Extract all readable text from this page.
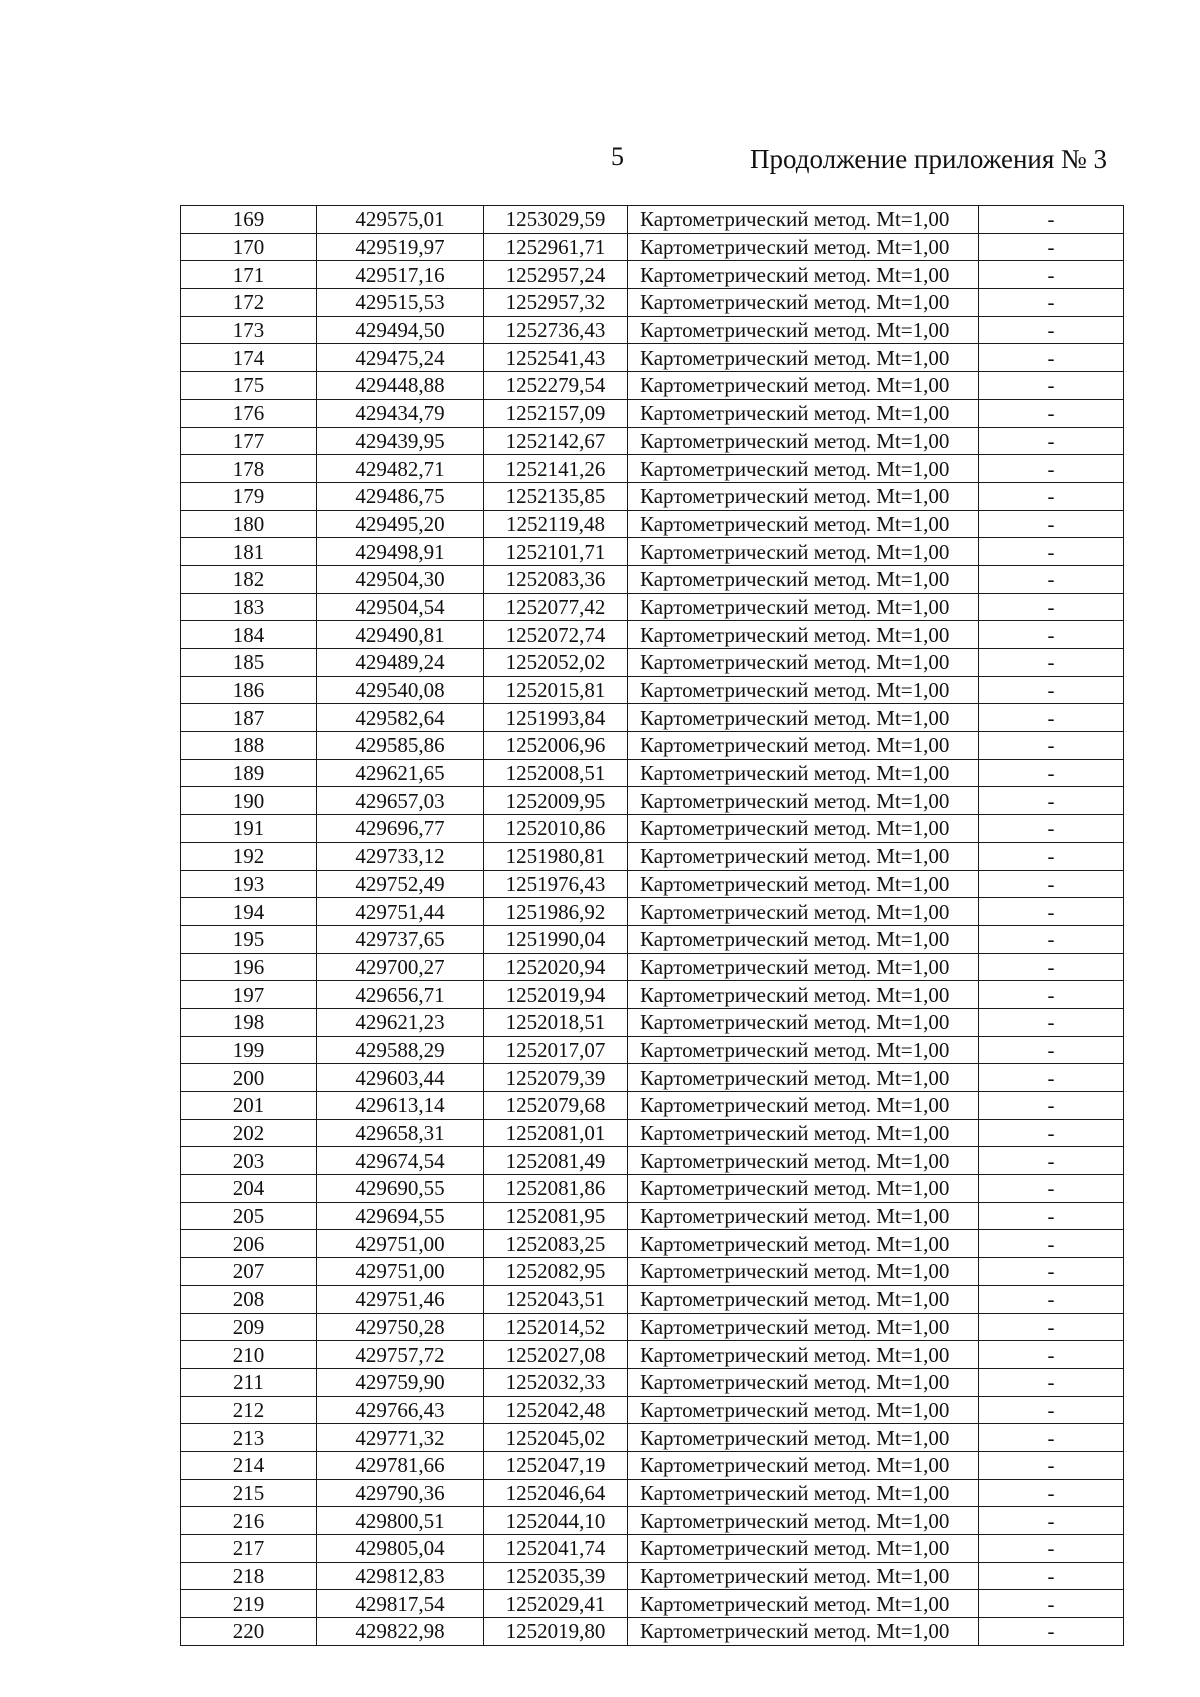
5	Продолжение приложения № 3
169	429575,01	1253029,59	Картометрический метод. Mt=1,00	-
170	429519,97	1252961,71	Картометрический метод. Mt=1,00	-
171	429517,16	1252957,24	Картометрический метод. Mt=1,00	-
172	429515,53	1252957,32	Картометрический метод. Mt=1,00	-
173	429494,50	1252736,43	Картометрический метод. Mt=1,00	-
174	429475,24	1252541,43	Картометрический метод. Mt=1,00	-
175	429448,88	1252279,54	Картометрический метод. Mt=1,00	-
176	429434,79	1252157,09	Картометрический метод. Mt=1,00	-
177	429439,95	1252142,67	Картометрический метод. Mt=1,00	-
178	429482,71	1252141,26	Картометрический метод. Mt=1,00	-
179	429486,75	1252135,85	Картометрический метод. Mt=1,00	-
180	429495,20	1252119,48	Картометрический метод. Mt=1,00	-
181	429498,91	1252101,71	Картометрический метод. Mt=1,00	-
182	429504,30	1252083,36	Картометрический метод. Mt=1,00	-
183	429504,54	1252077,42	Картометрический метод. Mt=1,00	-
184	429490,81	1252072,74	Картометрический метод. Mt=1,00	-
185	429489,24	1252052,02	Картометрический метод. Mt=1,00	-
186	429540,08	1252015,81	Картометрический метод. Mt=1,00	-
187	429582,64	1251993,84	Картометрический метод. Mt=1,00	-
188	429585,86	1252006,96	Картометрический метод. Mt=1,00	-
189	429621,65	1252008,51	Картометрический метод. Mt=1,00	-
190	429657,03	1252009,95	Картометрический метод. Mt=1,00	-
191	429696,77	1252010,86	Картометрический метод. Mt=1,00	-
192	429733,12	1251980,81	Картометрический метод. Mt=1,00	-
193	429752,49	1251976,43	Картометрический метод. Mt=1,00	-
194	429751,44	1251986,92	Картометрический метод. Mt=1,00	-
195	429737,65	1251990,04	Картометрический метод. Mt=1,00	-
196	429700,27	1252020,94	Картометрический метод. Mt=1,00	-
197	429656,71	1252019,94	Картометрический метод. Mt=1,00	-
198	429621,23	1252018,51	Картометрический метод. Mt=1,00	-
199	429588,29	1252017,07	Картометрический метод. Mt=1,00	-
200	429603,44	1252079,39	Картометрический метод. Mt=1,00	-
201	429613,14	1252079,68	Картометрический метод. Mt=1,00	-
202	429658,31	1252081,01	Картометрический метод. Mt=1,00	-
203	429674,54	1252081,49	Картометрический метод. Mt=1,00	-
204	429690,55	1252081,86	Картометрический метод. Mt=1,00	-
205	429694,55	1252081,95	Картометрический метод. Mt=1,00	-
206	429751,00	1252083,25	Картометрический метод. Mt=1,00	-
207	429751,00	1252082,95	Картометрический метод. Mt=1,00	-
208	429751,46	1252043,51	Картометрический метод. Mt=1,00	-
209	429750,28	1252014,52	Картометрический метод. Mt=1,00	-
210	429757,72	1252027,08	Картометрический метод. Mt=1,00	-
211	429759,90	1252032,33	Картометрический метод. Mt=1,00	-
212	429766,43	1252042,48	Картометрический метод. Mt=1,00	-
213	429771,32	1252045,02	Картометрический метод. Mt=1,00	-
214	429781,66	1252047,19	Картометрический метод. Mt=1,00	-
215	429790,36	1252046,64	Картометрический метод. Mt=1,00	-
216	429800,51	1252044,10	Картометрический метод. Mt=1,00	-
217	429805,04	1252041,74	Картометрический метод. Mt=1,00	-
218	429812,83	1252035,39	Картометрический метод. Mt=1,00	-
219	429817,54	1252029,41	Картометрический метод. Mt=1,00	-
220	429822,98	1252019,80	Картометрический метод. Mt=1,00	-
